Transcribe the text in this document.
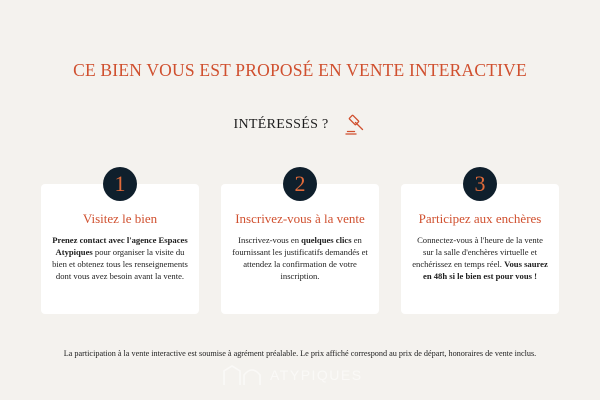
CE BIEN VOUS EST PROPOSÉ EN VENTE INTERACTIVE
INTÉRESSÉS ?
Visitez le bien
Prenez contact avec l'agence Espaces Atypiques pour organiser la visite du bien et obtenez tous les renseignements dont vous avez besoin avant la vente.
Inscrivez-vous à la vente
Inscrivez-vous en quelques clics en fournissant les justificatifs demandés et attendez la confirmation de votre inscription.
Participez aux enchères
Connectez-vous à l'heure de la vente sur la salle d'enchères virtuelle et enchérissez en temps réel. Vous saurez en 48h si le bien est pour vous !
1	2	3
La participation à la vente interactive est soumise à agrément préalable. Le prix affiché correspond au prix de départ, honoraires de vente inclus.
ATYPIQUES
